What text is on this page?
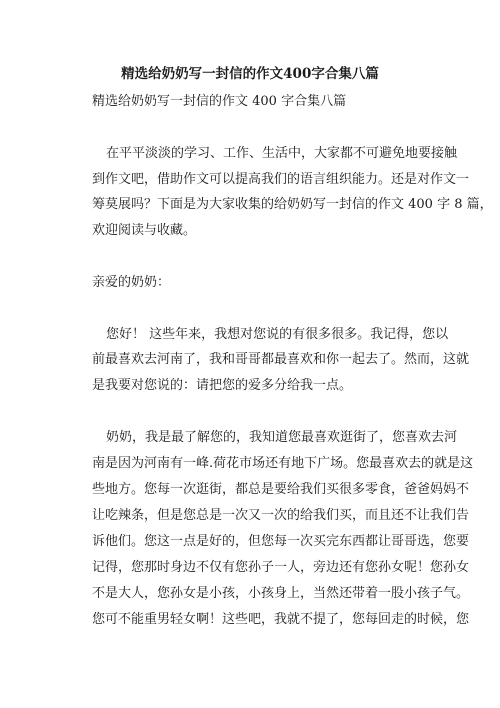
精选给奶奶写一封信的作文400字合集八篇
精选给奶奶写一封信的作文 400 字合集八篇
在平平淡淡的学习、工作、生活中，大家都不可避免地要接触
到作文吧，借助作文可以提高我们的语言组织能力。还是对作文一
筹莫展吗？下面是为大家收集的给奶奶写一封信的作文 400 字 8 篇，
欢迎阅读与收藏。
亲爱的奶奶：
您好！ 这些年来，我想对您说的有很多很多。我记得，您以
前最喜欢去河南了，我和哥哥都最喜欢和你一起去了。然而，这就
是我要对您说的：请把您的爱多分给我一点。
奶奶，我是最了解您的，我知道您最喜欢逛街了，您喜欢去河
南是因为河南有一峰.荷花市场还有地下广场。您最喜欢去的就是这
些地方。您每一次逛街，都总是要给我们买很多零食，爸爸妈妈不
让吃辣条，但是您总是一次又一次的给我们买，而且还不让我们告
诉他们。您这一点是好的，但您每一次买完东西都让哥哥选，您要
记得，您那时身边不仅有您孙子一人，旁边还有您孙女呢！您孙女
不是大人，您孙女是小孩，小孩身上，当然还带着一股小孩子气。
您可不能重男轻女啊！这些吧，我就不提了，您每回走的时候，您
